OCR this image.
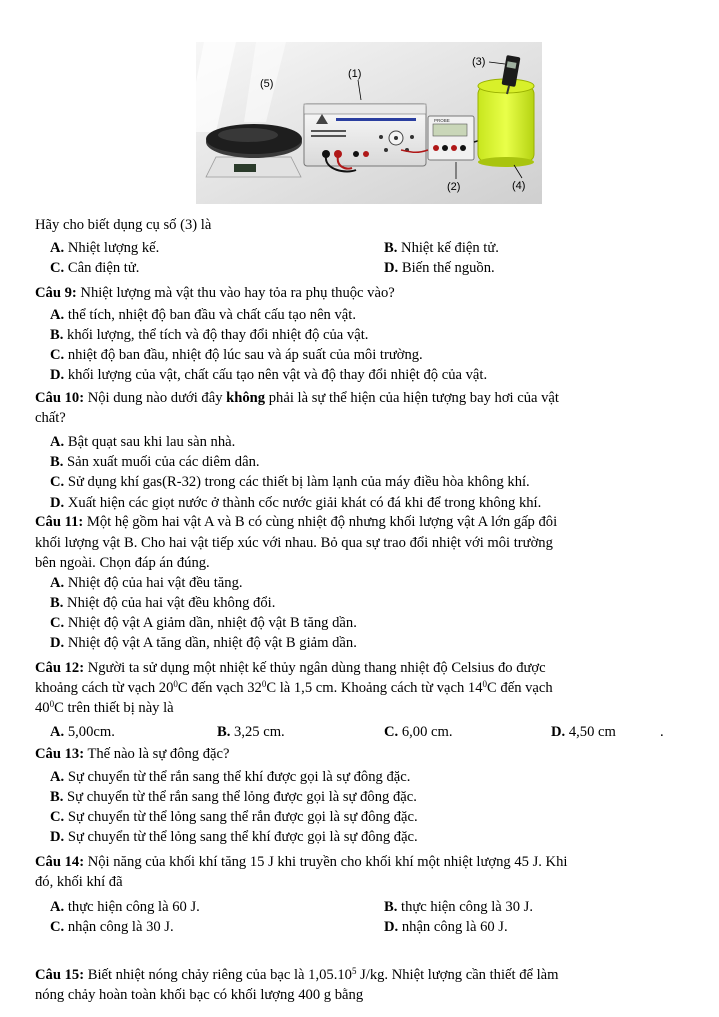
PROBE
(5)
(1)
(3)
(2)	(4)
Hãy cho biết dụng cụ số (3) là
A. Nhiệt lượng kế.	B. Nhiệt kế điện tử.
C. Cân điện tử.	D. Biến thế nguồn.
Câu 9: Nhiệt lượng mà vật thu vào hay tỏa ra phụ thuộc vào?
A. thể tích, nhiệt độ ban đầu và chất cấu tạo nên vật.
B. khối lượng, thể tích và độ thay đổi nhiệt độ của vật.
C. nhiệt độ ban đầu, nhiệt độ lúc sau và áp suất của môi trường.
D. khối lượng của vật, chất cấu tạo nên vật và độ thay đổi nhiệt độ của vật.
Câu 10: Nội dung nào dưới đây không phải là sự thể hiện của hiện tượng bay hơi của vật
chất?
A. Bật quạt sau khi lau sàn nhà.
B. Sản xuất muối của các diêm dân.
C. Sử dụng khí gas(R-32) trong các thiết bị làm lạnh của máy điều hòa không khí.
D. Xuất hiện các giọt nước ở thành cốc nước giải khát có đá khi để trong không khí.
Câu 11: Một hệ gồm hai vật A và B có cùng nhiệt độ nhưng khối lượng vật A lớn gấp đôi
khối lượng vật B. Cho hai vật tiếp xúc với nhau. Bỏ qua sự trao đổi nhiệt với môi trường
bên ngoài. Chọn đáp án đúng.
A. Nhiệt độ của hai vật đều tăng.
B. Nhiệt độ của hai vật đều không đổi.
C. Nhiệt độ vật A giảm dần, nhiệt độ vật B tăng dần.
D. Nhiệt độ vật A tăng dần, nhiệt độ vật B giảm dần.
Câu 12: Người ta sử dụng một nhiệt kế thủy ngân dùng thang nhiệt độ Celsius đo được
khoảng cách từ vạch $20^0C$ đến vạch $32^0C$ là 1,5 cm. Khoảng cách từ vạch $14^0C$ đến vạch
$40^0C$ trên thiết bị này là
A. 5,00cm.	B. 3,25 cm.	C. 6,00 cm.	D. 4,50 cm	.
Câu 13: Thế nào là sự đông đặc?
A. Sự chuyển từ thể rắn sang thể khí được gọi là sự đông đặc.
B. Sự chuyển từ thể rắn sang thể lỏng được gọi là sự đông đặc.
C. Sự chuyển từ thể lỏng sang thể rắn được gọi là sự đông đặc.
D. Sự chuyển từ thể lỏng sang thể khí được gọi là sự đông đặc.
Câu 14: Nội năng của khối khí tăng 15 J khi truyền cho khối khí một nhiệt lượng 45 J. Khi
đó, khối khí đã
A. thực hiện công là 60 J.	B. thực hiện công là 30 J.
C. nhận công là 30 J.	D. nhận công là 60 J.
Câu 15: Biết nhiệt nóng chảy riêng của bạc là 1,05.10$^5$ J/kg. Nhiệt lượng cần thiết để làm
nóng chảy hoàn toàn khối bạc có khối lượng 400 g bằng
